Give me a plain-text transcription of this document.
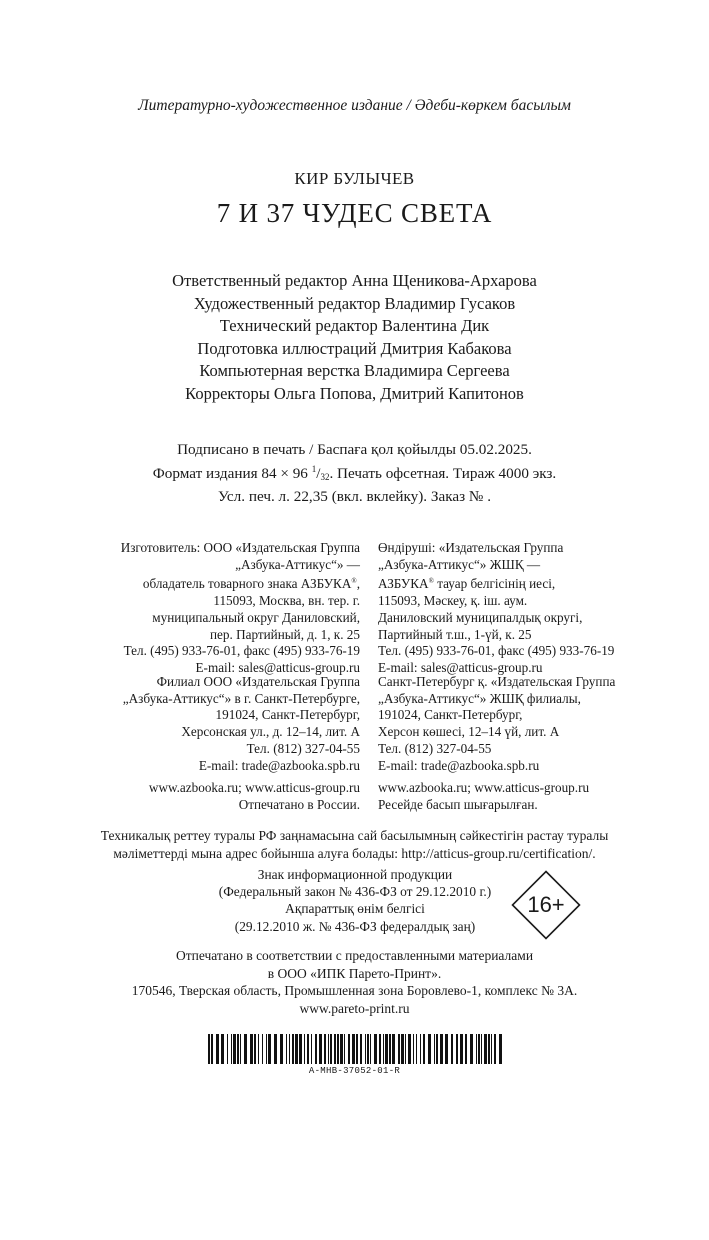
Литературно-художественное издание / Әдеби-көркем басылым
КИР БУЛЫЧЕВ
7 И 37 ЧУДЕС СВЕТА
Ответственный редактор Анна Щеникова-Архарова
Художественный редактор Владимир Гусаков
Технический редактор Валентина Дик
Подготовка иллюстраций Дмитрия Кабакова
Компьютерная верстка Владимира Сергеева
Корректоры Ольга Попова, Дмитрий Капитонов
Подписано в печать / Баспаға қол қойылды 05.02.2025.
Формат издания 84 × 96 $^1/_{32}$. Печать офсетная. Тираж 4000 экз.
Усл. печ. л. 22,35 (вкл. вклейку). Заказ № .
Изготовитель: ООО «Издательская Группа
„Азбука-Аттикус“» —
обладатель товарного знака АЗБУКА®,
115093, Москва, вн. тер. г.
муниципальный округ Даниловский,
пер. Партийный, д. 1, к. 25
Тел. (495) 933-76-01, факс (495) 933-76-19
E-mail: sales@atticus-group.ru
Өндіруші: «Издательская Группа
„Азбука-Аттикус“» ЖШҚ —
АЗБУКА® тауар белгісінің иесі,
115093, Мәскеу, қ. іш. аум.
Даниловский муниципалдық округі,
Партийный т.ш., 1-үй, к. 25
Тел. (495) 933-76-01, факс (495) 933-76-19
E-mail: sales@atticus-group.ru
Филиал ООО «Издательская Группа
„Азбука-Аттикус“» в г. Санкт-Петербурге,
191024, Санкт-Петербург,
Херсонская ул., д. 12–14, лит. А
Тел. (812) 327-04-55
E-mail: trade@azbooka.spb.ru
Санкт-Петербург қ. «Издательская Группа
„Азбука-Аттикус“» ЖШҚ филиалы,
191024, Санкт-Петербург,
Херсон көшесі, 12–14 үй, лит. А
Тел. (812) 327-04-55
E-mail: trade@azbooka.spb.ru
www.azbooka.ru; www.atticus-group.ru
Отпечатано в России.
www.azbooka.ru; www.atticus-group.ru
Ресейде басып шығарылған.
Техникалық реттеу туралы РФ заңнамасына сай басылымның сәйкестігін растау туралы
мәліметтерді мына адрес бойынша алуға болады: http://atticus-group.ru/certification/.
Знак информационной продукции
(Федеральный закон № 436-ФЗ от 29.12.2010 г.)
Ақпараттық өнім белгісі
(29.12.2010 ж. № 436-ФЗ федералдық заң)
16+
Отпечатано в соответствии с предоставленными материалами
в ООО «ИПК Парето-Принт».
170546, Тверская область, Промышленная зона Боровлево-1, комплекс № 3А.
www.pareto-print.ru
А-МНВ-37052-01-R
